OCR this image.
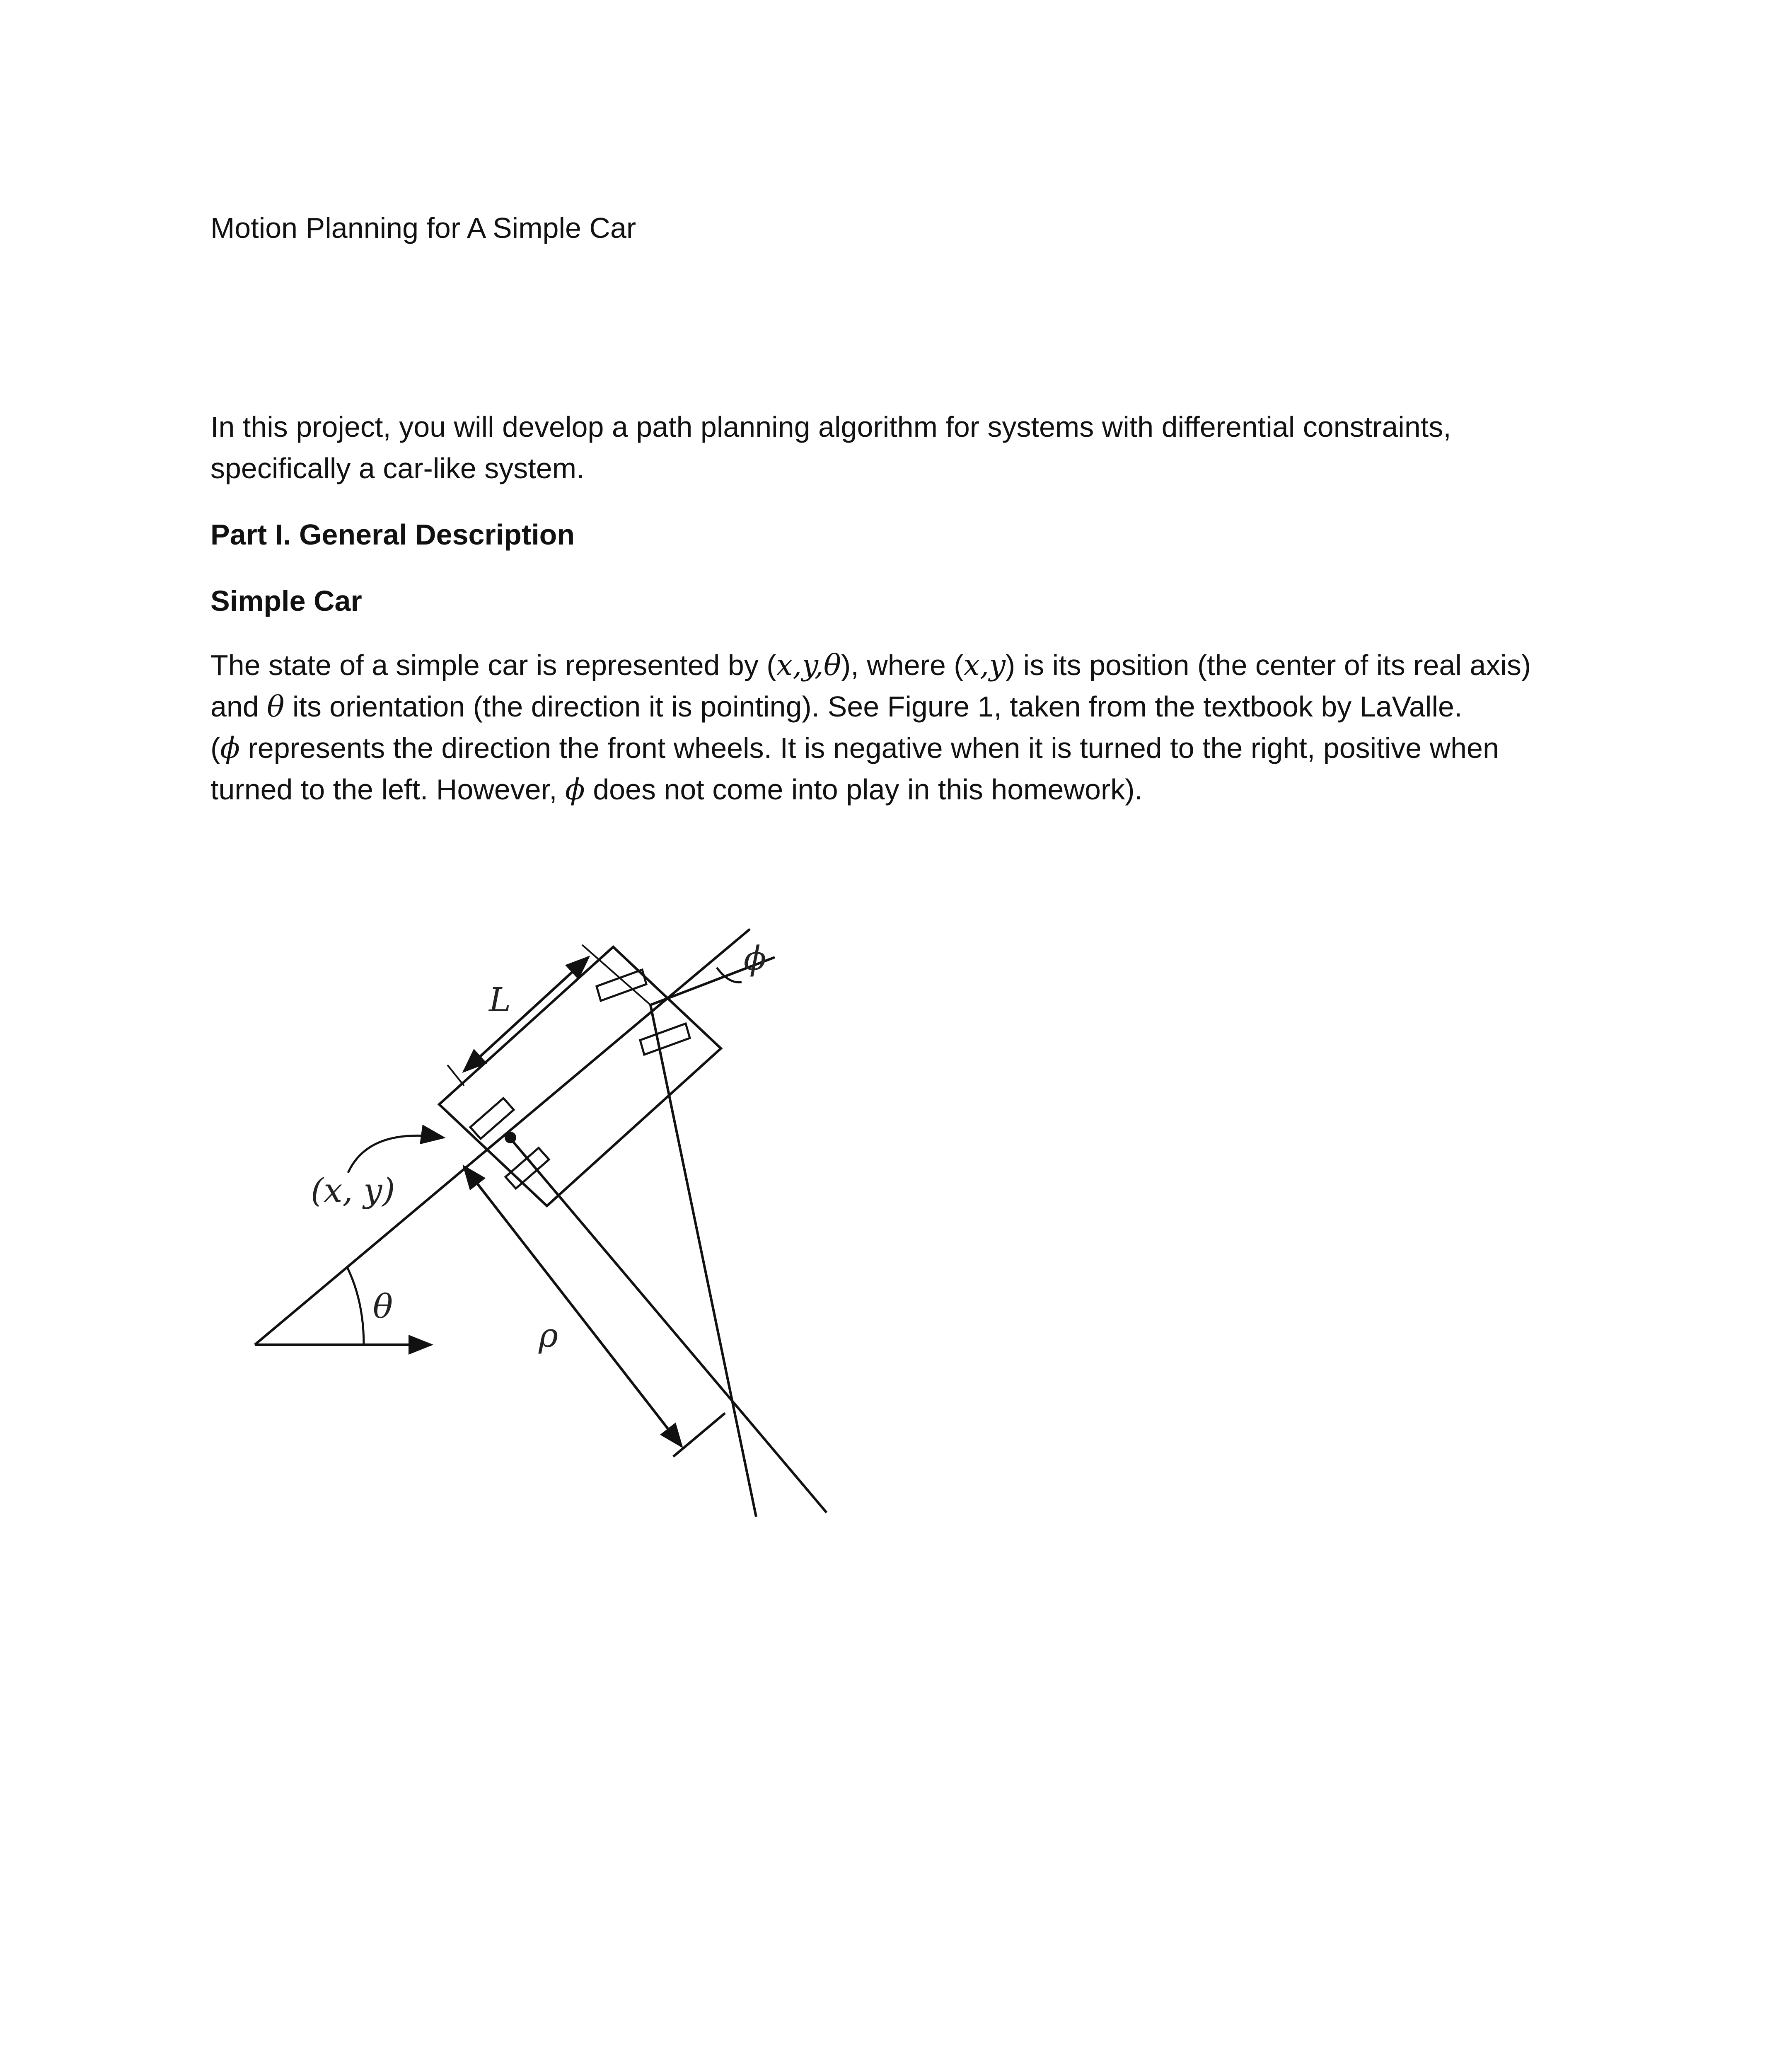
Motion Planning for A Simple Car
In this project, you will develop a path planning algorithm for systems with differential constraints,
specifically a car-like system.
Part I. General Description
Simple Car
The state of a simple car is represented by (x,y,θ), where (x,y) is its position (the center of its real axis)
and θ its orientation (the direction it is pointing). See Figure 1, taken from the textbook by LaValle.
(ϕ represents the direction the front wheels. It is negative when it is turned to the right, positive when
turned to the left. However, ϕ does not come into play in this homework).
L
ϕ
(x, y)
θ
ρ
